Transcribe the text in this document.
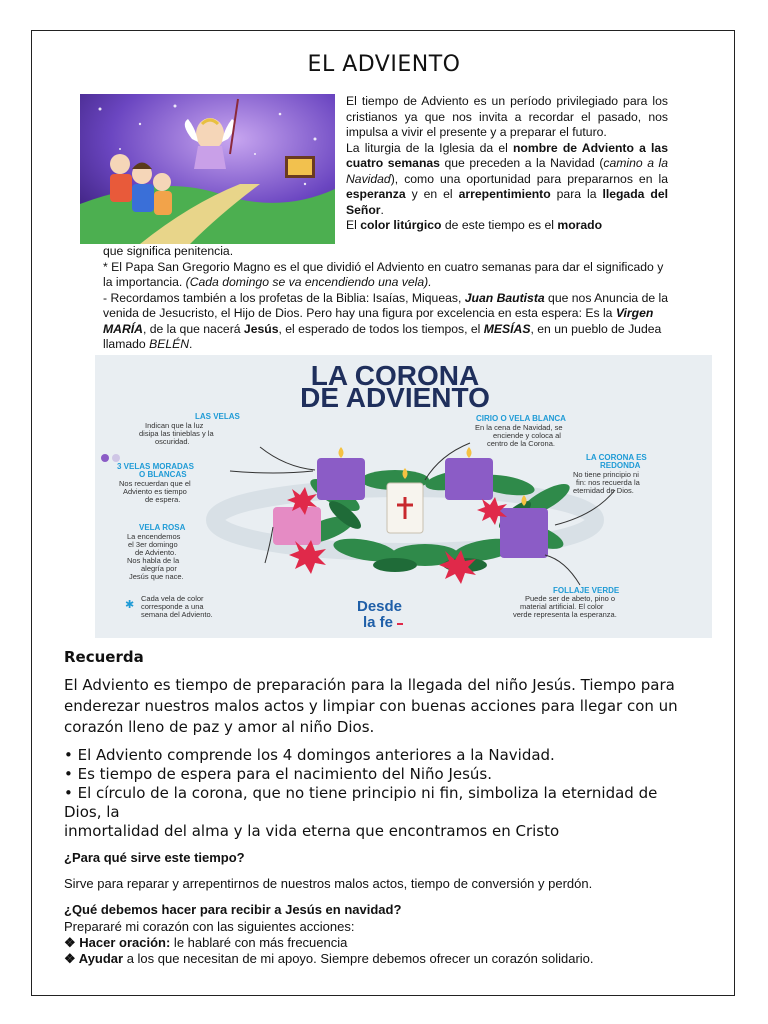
EL ADVIENTO

El tiempo de Adviento es un período privilegiado para los cristianos ya que nos invita a recordar el pasado, nos impulsa a vivir el presente y a preparar el futuro.

La liturgia de la Iglesia da el nombre de Adviento a las cuatro semanas que preceden a la Navidad (camino a la Navidad), como una oportunidad para prepararnos en la esperanza y en el arrepentimiento para la llegada del Señor.

El color litúrgico de este tiempo es el morado

que significa penitencia.

* El Papa San Gregorio Magno es el que dividió el Adviento en cuatro semanas para dar el significado y la importancia. (Cada domingo se va encendiendo una vela).

- Recordamos también a los profetas de la Biblia: Isaías, Miqueas, Juan Bautista que nos Anuncia de la venida de Jesucristo, el Hijo de Dios. Pero hay una figura por excelencia en esta espera: Es la Virgen MARÍA, de la que nacerá Jesús, el esperado de todos los tiempos, el MESÍAS, en un pueblo de Judea llamado BELÉN.

LA CORONA
DE ADVIENTO
LAS VELAS
Indican que la luz
disipa las tinieblas y la
oscuridad.
3 VELAS MORADAS
O BLANCAS
Nos recuerdan que el
Adviento es tiempo
de espera.
VELA ROSA
La encendemos
el 3er domingo
de Adviento.
Nos habla de la
alegría por
Jesús que nace.
✱
Cada vela de color
corresponde a una
semana del Adviento.
CIRIO O VELA BLANCA
En la cena de Navidad, se
enciende y coloca al
centro de la Corona.
LA CORONA ES
REDONDA
No tiene principio ni
fin: nos recuerda la
eternidad de Dios.
FOLLAJE VERDE
Puede ser de abeto, pino o
material artificial. El color
verde representa la esperanza.
Desde
la fe
Recuerda

El Adviento es tiempo de preparación para la llegada del niño Jesús. Tiempo para enderezar nuestros malos actos y limpiar con buenas acciones para llegar con un corazón lleno de paz y amor al niño Dios.

• El Adviento comprende los 4 domingos anteriores a la Navidad.
• Es tiempo de espera para el nacimiento del Niño Jesús.
• El círculo de la corona, que no tiene principio ni fin, simboliza la eternidad de Dios, la
inmortalidad del alma y la vida eterna que encontramos en Cristo
¿Para qué sirve este tiempo?
Sirve para reparar y arrepentirnos de nuestros malos actos, tiempo de conversión y perdón.
¿Qué debemos hacer para recibir a Jesús en navidad?
Prepararé mi corazón con las siguientes acciones:
❖ Hacer oración: le hablaré con más frecuencia
❖ Ayudar a los que necesitan de mi apoyo. Siempre debemos ofrecer un corazón solidario.
